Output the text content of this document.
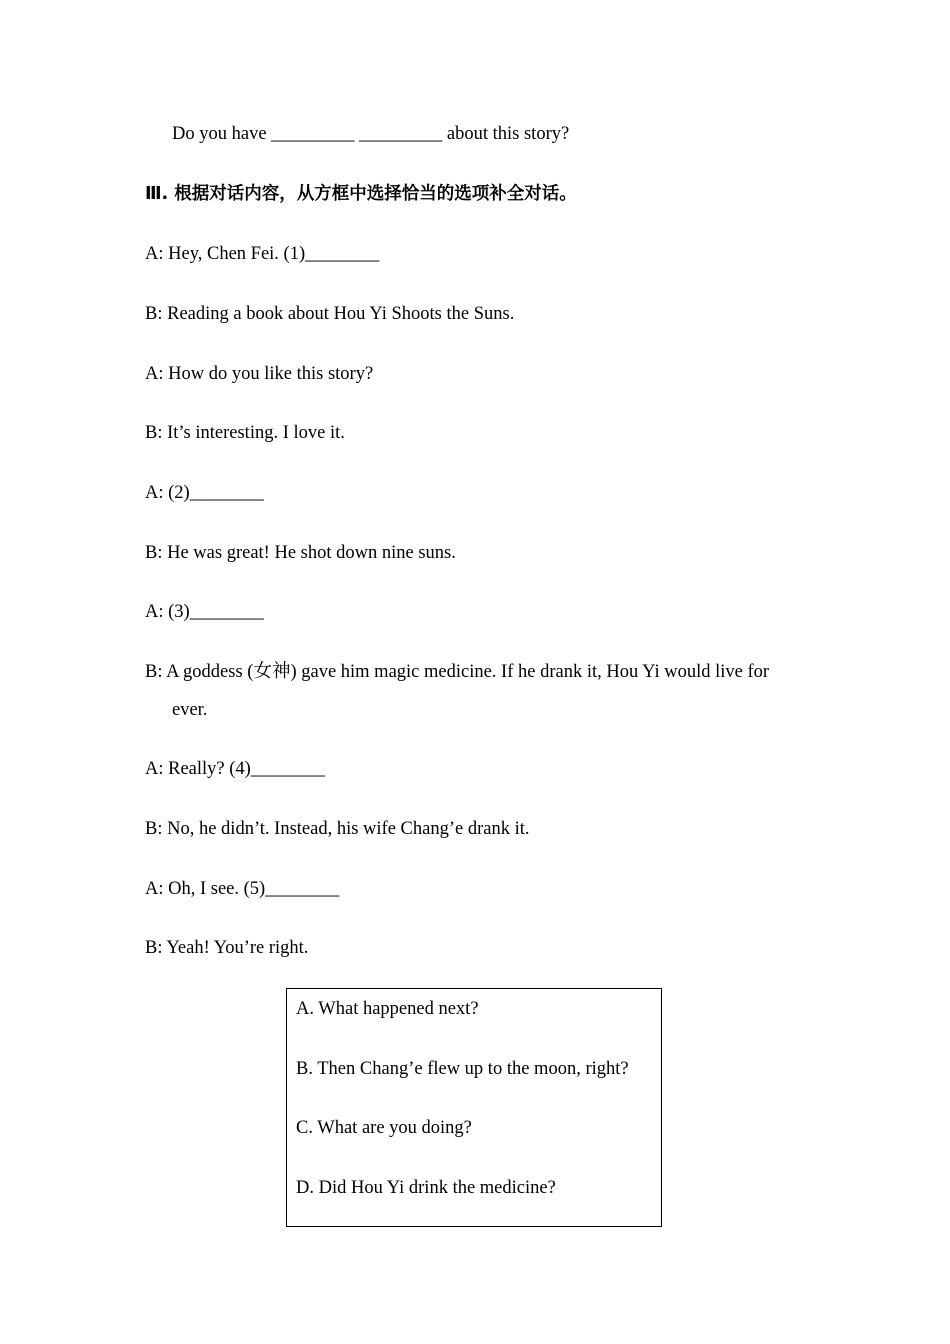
Do you have _________ _________ about this story?
Ⅲ. 根据对话内容，从方框中选择恰当的选项补全对话。
A: Hey, Chen Fei. (1)________
B: Reading a book about Hou Yi Shoots the Suns.
A: How do you like this story?
B: It’s interesting. I love it.
A: (2)________
B: He was great! He shot down nine suns.
A: (3)________
B: A goddess (女神) gave him magic medicine. If he drank it, Hou Yi would live for
ever.
A: Really? (4)________
B: No, he didn’t. Instead, his wife Chang’e drank it.
A: Oh, I see. (5)________
B: Yeah! You’re right.
A. What happened next?
B. Then Chang’e flew up to the moon, right?
C. What are you doing?
D. Did Hou Yi drink the medicine?
